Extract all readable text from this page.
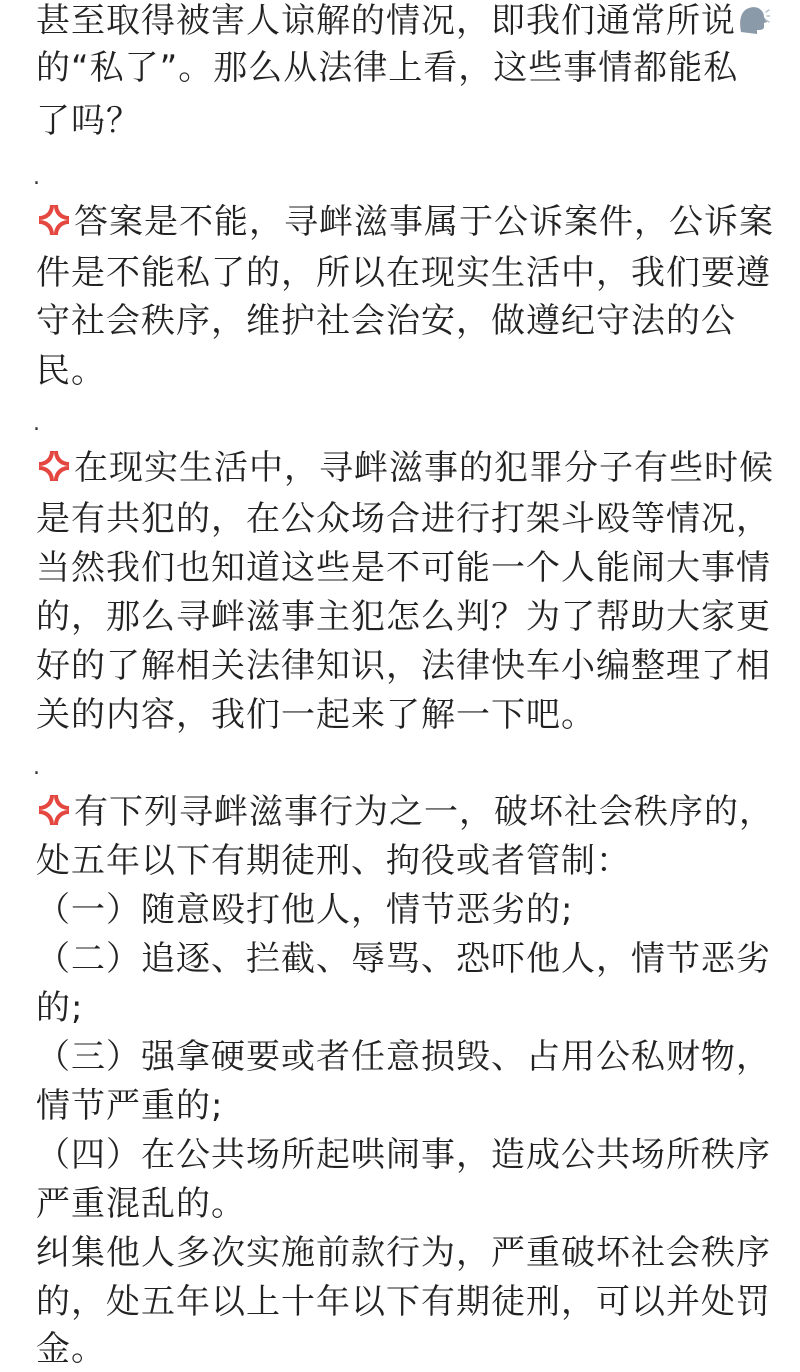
甚至取得被害人谅解的情况，即我们通常所说
的“私了”。那么从法律上看，这些事情都能私
了吗？
.
答案是不能，寻衅滋事属于公诉案件，公诉案
件是不能私了的，所以在现实生活中，我们要遵
守社会秩序，维护社会治安，做遵纪守法的公
民。
.
在现实生活中，寻衅滋事的犯罪分子有些时候
是有共犯的，在公众场合进行打架斗殴等情况，
当然我们也知道这些是不可能一个人能闹大事情
的，那么寻衅滋事主犯怎么判？为了帮助大家更
好的了解相关法律知识，法律快车小编整理了相
关的内容，我们一起来了解一下吧。
.
有下列寻衅滋事行为之一，破坏社会秩序的，
处五年以下有期徒刑、拘役或者管制：
（一）随意殴打他人，情节恶劣的;
（二）追逐、拦截、辱骂、恐吓他人，情节恶劣
的;
（三）强拿硬要或者任意损毁、占用公私财物，
情节严重的;
（四）在公共场所起哄闹事，造成公共场所秩序
严重混乱的。
纠集他人多次实施前款行为，严重破坏社会秩序
的，处五年以上十年以下有期徒刑，可以并处罚
金。
